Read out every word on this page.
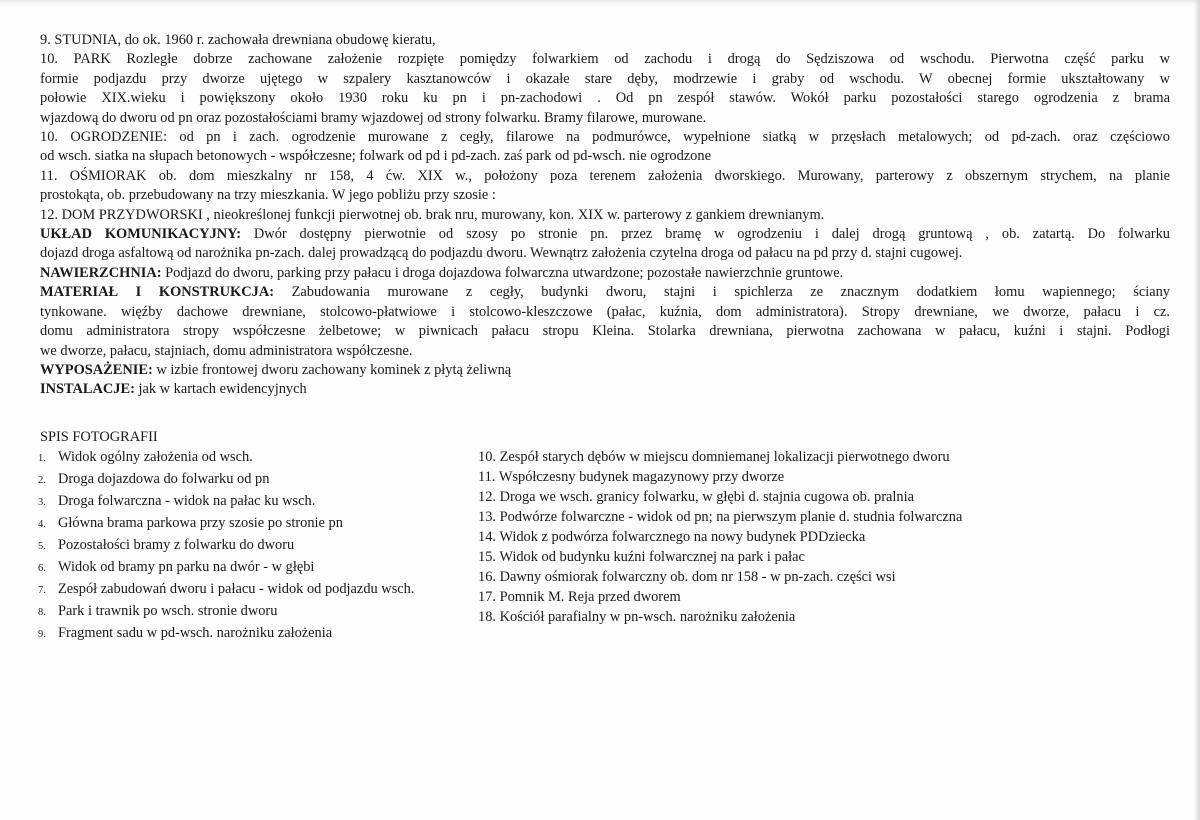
9. STUDNIA, do ok. 1960 r. zachowała drewniana obudowę kieratu,

10. PARK Rozległe dobrze zachowane założenie rozpięte pomiędzy folwarkiem od zachodu i drogą do Sędziszowa od wschodu. Pierwotna część parku w
formie podjazdu przy dworze ujętego w szpalery kasztanowców i okazałe stare dęby, modrzewie i graby od wschodu. W obecnej formie ukształtowany w
połowie XIX.wieku i powiększony około 1930 roku ku pn i pn-zachodowi . Od pn zespół stawów. Wokół parku pozostałości starego ogrodzenia z brama
wjazdową do dworu od pn oraz pozostałościami bramy wjazdowej od strony folwarku. Bramy filarowe, murowane.

10. OGRODZENIE: od pn i zach. ogrodzenie murowane z cegły, filarowe na podmurówce, wypełnione siatką w przęsłach metalowych; od pd-zach. oraz częściowo
od wsch. siatka na słupach betonowych - współczesne; folwark od pd i pd-zach. zaś park od pd-wsch. nie ogrodzone

11. OŚMIORAK ob. dom mieszkalny nr 158, 4 ćw. XIX w., położony poza terenem założenia dworskiego. Murowany, parterowy z obszernym strychem, na planie
prostokąta, ob. przebudowany na trzy mieszkania. W jego pobliżu przy szosie :

12. DOM PRZYDWORSKI , nieokreślonej funkcji pierwotnej ob. brak nru, murowany, kon. XIX w. parterowy z gankiem drewnianym.

UKŁAD KOMUNIKACYJNY: Dwór dostępny pierwotnie od szosy po stronie pn. przez bramę w ogrodzeniu i dalej drogą gruntową , ob. zatartą. Do folwarku
dojazd droga asfaltową od narożnika pn-zach. dalej prowadzącą do podjazdu dworu. Wewnątrz założenia czytelna droga od pałacu na pd przy d. stajni cugowej.

NAWIERZCHNIA: Podjazd do dworu, parking przy pałacu i droga dojazdowa folwarczna utwardzone; pozostałe nawierzchnie gruntowe.

MATERIAŁ I KONSTRUKCJA: Zabudowania murowane z cegły, budynki dworu, stajni i spichlerza ze znacznym dodatkiem łomu wapiennego; ściany
tynkowane. więźby dachowe drewniane, stolcowo-płatwiowe i stolcowo-kleszczowe (pałac, kuźnia, dom administratora). Stropy drewniane, we dworze, pałacu i cz.
domu administratora stropy współczesne żelbetowe; w piwnicach pałacu stropu Kleina. Stolarka drewniana, pierwotna zachowana w pałacu, kuźni i stajni. Podłogi
we dworze, pałacu, stajniach, domu administratora współczesne.

WYPOSAŻENIE: w izbie frontowej dworu zachowany kominek z płytą żeliwną

INSTALACJE: jak w kartach ewidencyjnych

SPIS FOTOGRAFII
1. Widok ogólny założenia od wsch.
2. Droga dojazdowa do folwarku od pn
3. Droga folwarczna - widok na pałac ku wsch.
4. Główna brama parkowa przy szosie po stronie pn
5. Pozostałości bramy z folwarku do dworu
6. Widok od bramy pn parku na dwór - w głębi
7. Zespół zabudowań dworu i pałacu - widok od podjazdu wsch.
8. Park i trawnik po wsch. stronie dworu
9. Fragment sadu w pd-wsch. narożniku założenia
10. Zespół starych dębów w miejscu domniemanej lokalizacji pierwotnego dworu
11. Współczesny budynek magazynowy przy dworze
12. Droga we wsch. granicy folwarku, w głębi d. stajnia cugowa ob. pralnia
13. Podwórze folwarczne - widok od pn; na pierwszym planie d. studnia folwarczna
14. Widok z podwórza folwarcznego na nowy budynek PDDziecka
15. Widok od budynku kuźni folwarcznej na park i pałac
16. Dawny ośmiorak folwarczny ob. dom nr 158 - w pn-zach. części wsi
17. Pomnik M. Reja przed dworem
18. Kościół parafialny w pn-wsch. narożniku założenia
